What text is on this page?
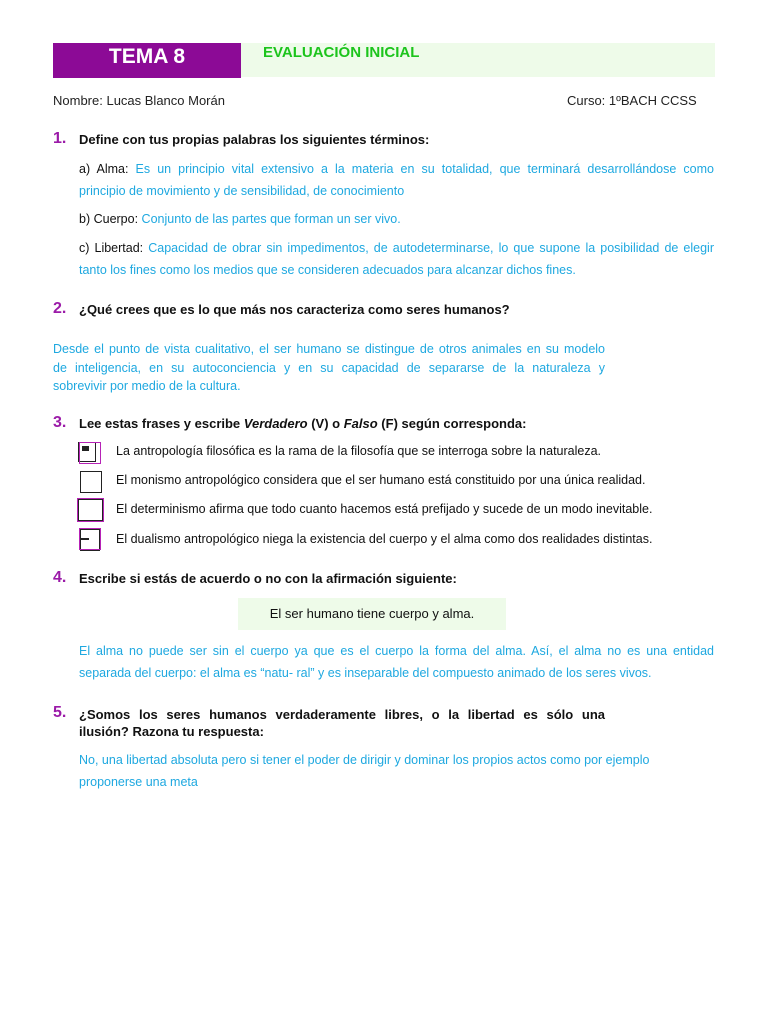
TEMA 8	EVALUACIÓN INICIAL
Nombre: Lucas Blanco Morán	Curso: 1ºBACH CCSS
1. Define con tus propias palabras los siguientes términos:
a) Alma: Es un principio vital extensivo a la materia en su totalidad, que terminará desarrollándose como
principio de movimiento y de sensibilidad, de conocimiento
b) Cuerpo: Conjunto de las partes que forman un ser vivo.
c) Libertad: Capacidad de obrar sin impedimentos, de autodeterminarse, lo que supone la posibilidad de elegir
tanto los fines como los medios que se consideren adecuados para alcanzar dichos fines.
2. ¿Qué crees que es lo que más nos caracteriza como seres humanos?
Desde el punto de vista cualitativo, el ser humano se distingue de otros animales en su modelo
de inteligencia, en su autoconciencia y en su capacidad de separarse de la naturaleza y
sobrevivir por medio de la cultura.
3. Lee estas frases y escribe Verdadero (V) o Falso (F) según corresponda:
La antropología filosófica es la rama de la filosofía que se interroga sobre la naturaleza.
El monismo antropológico considera que el ser humano está constituido por una única realidad.
El determinismo afirma que todo cuanto hacemos está prefijado y sucede de un modo inevitable.
El dualismo antropológico niega la existencia del cuerpo y el alma como dos realidades distintas.
4. Escribe si estás de acuerdo o no con la afirmación siguiente:
El ser humano tiene cuerpo y alma.
El alma no puede ser sin el cuerpo ya que es el cuerpo la forma del alma. Así, el alma no es una entidad
separada del cuerpo: el alma es “natu- ral” y es inseparable del compuesto animado de los seres vivos.
5. ¿Somos los seres humanos verdaderamente libres, o la libertad es sólo una
ilusión? Razona tu respuesta:
No, una libertad absoluta pero si tener el poder de dirigir y dominar los propios actos como por ejemplo
proponerse una meta
